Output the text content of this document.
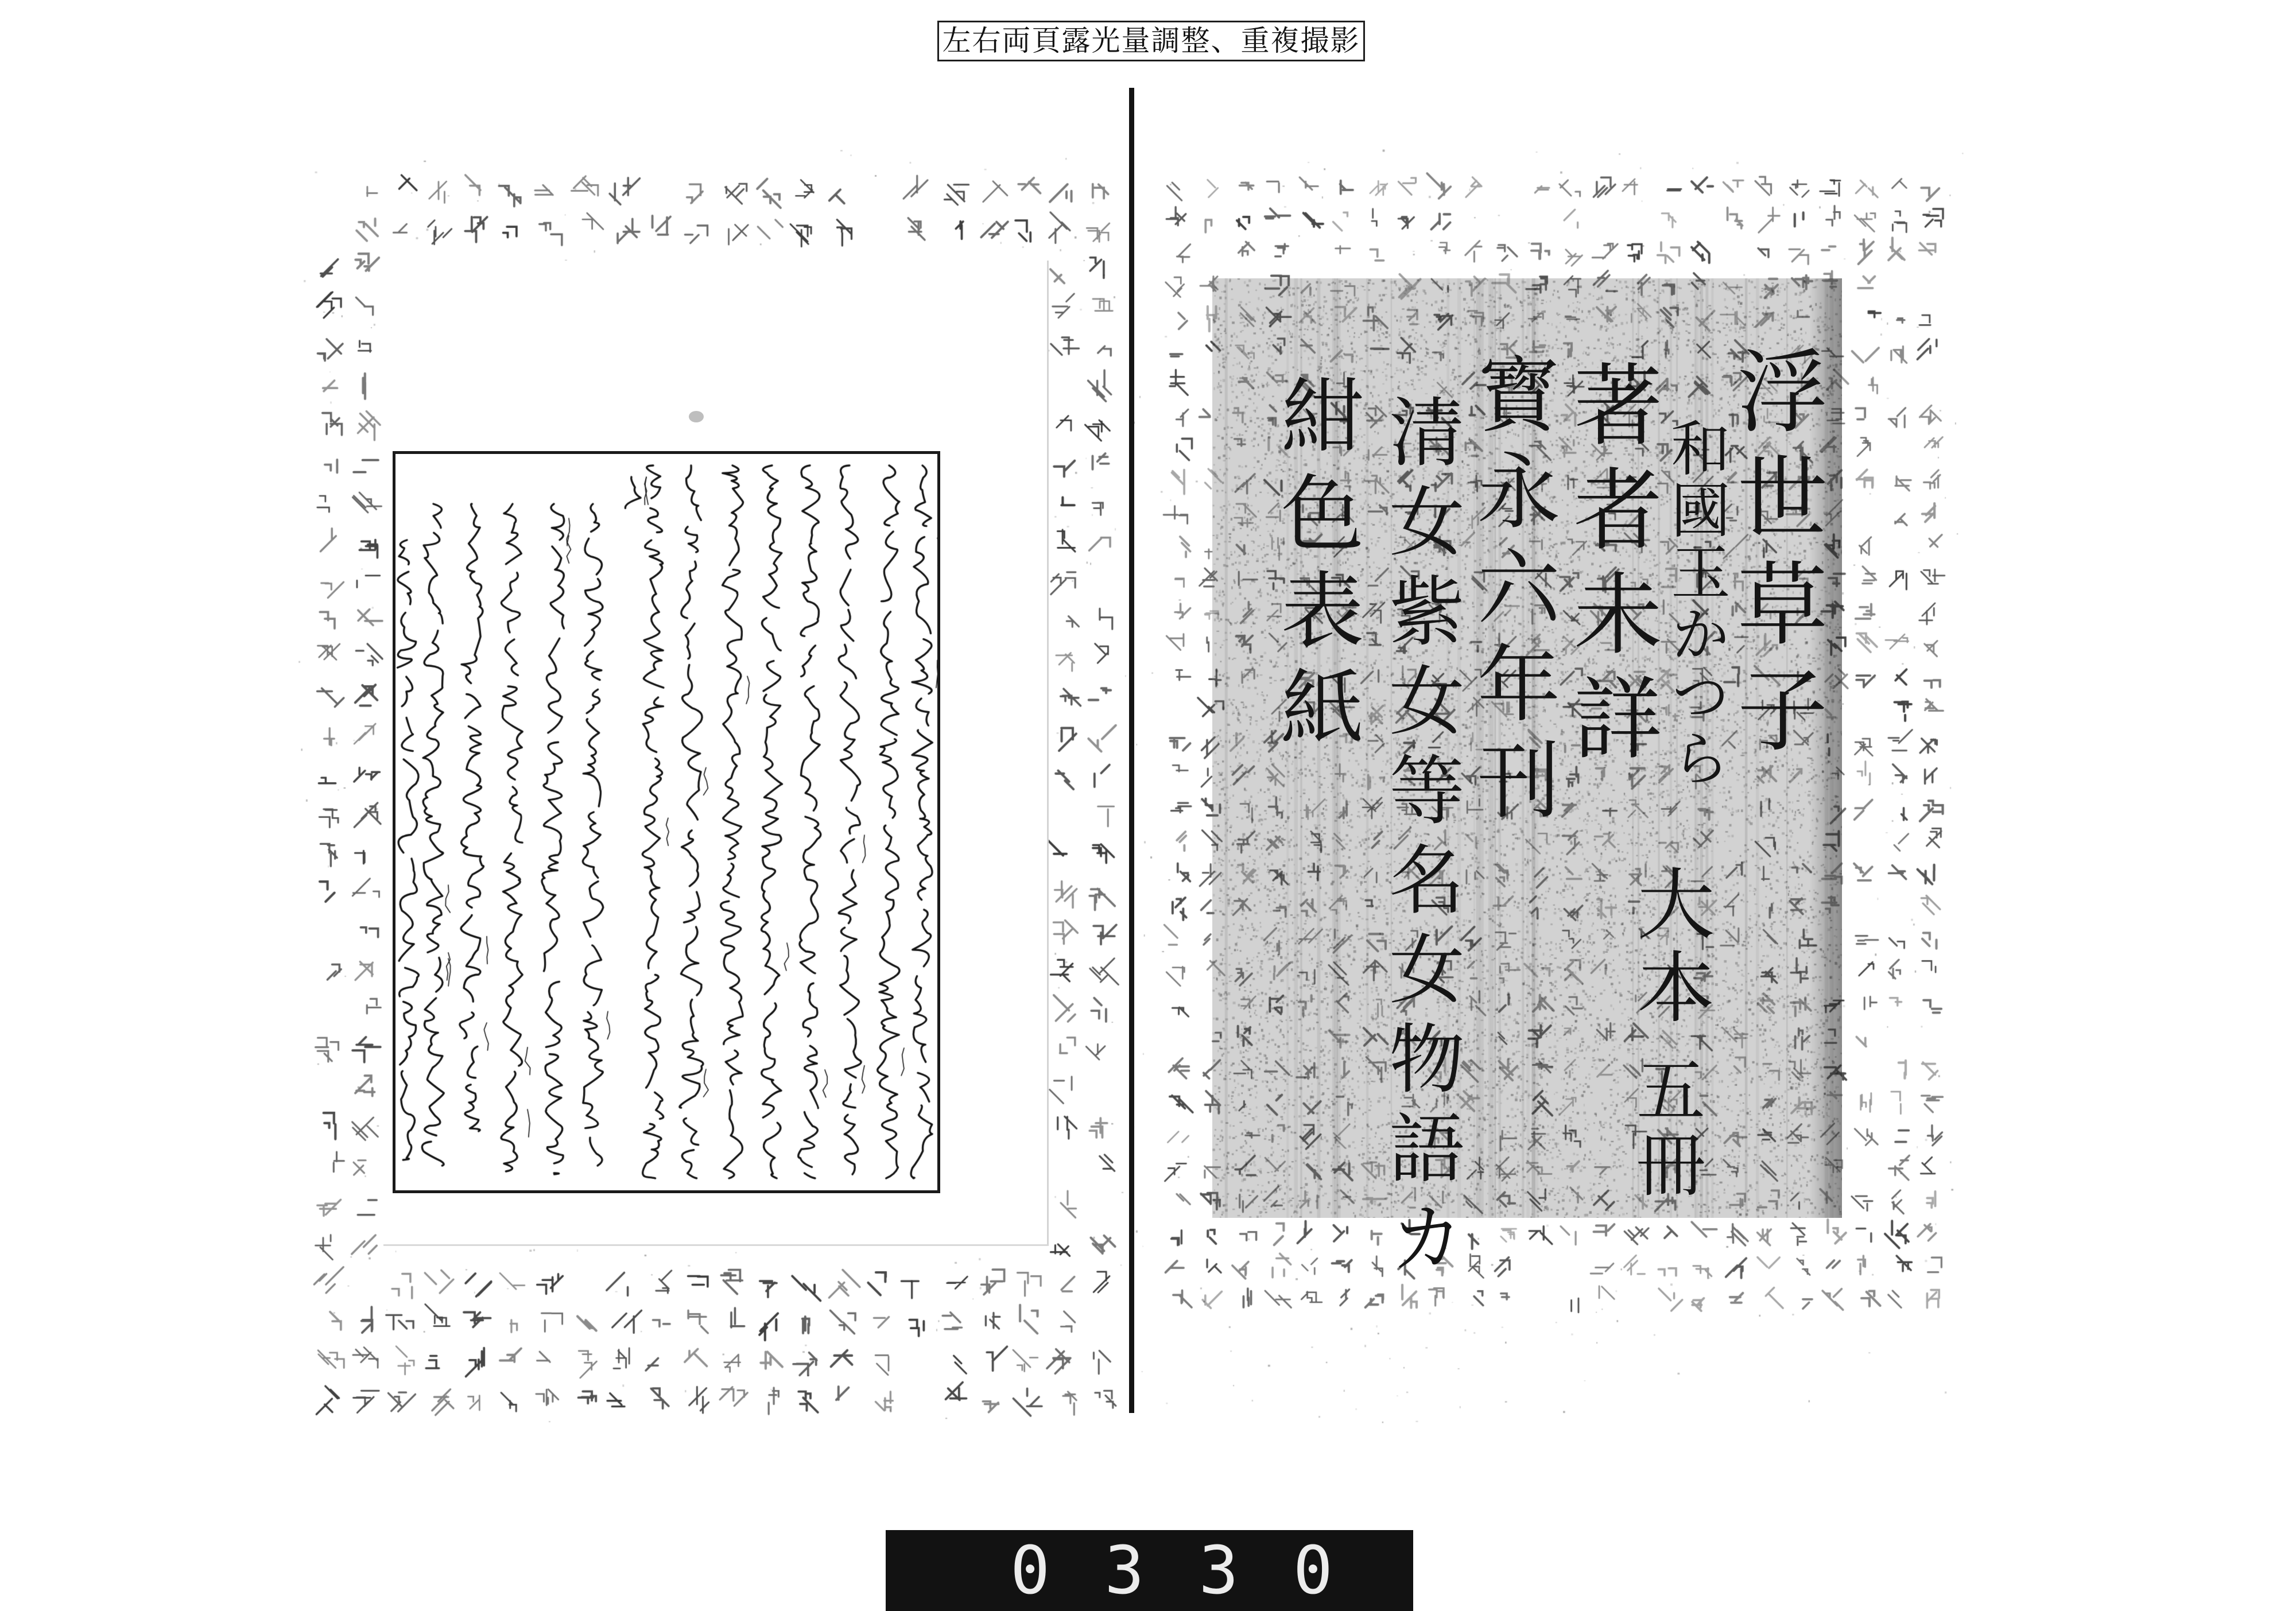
左右両頁露光量調整、重複撮影
浮世草子
和國玉かつら
大本
五冊
著者未詳
寳永六年刊
清女紫女等名女物語カ
紺色表紙
0330
